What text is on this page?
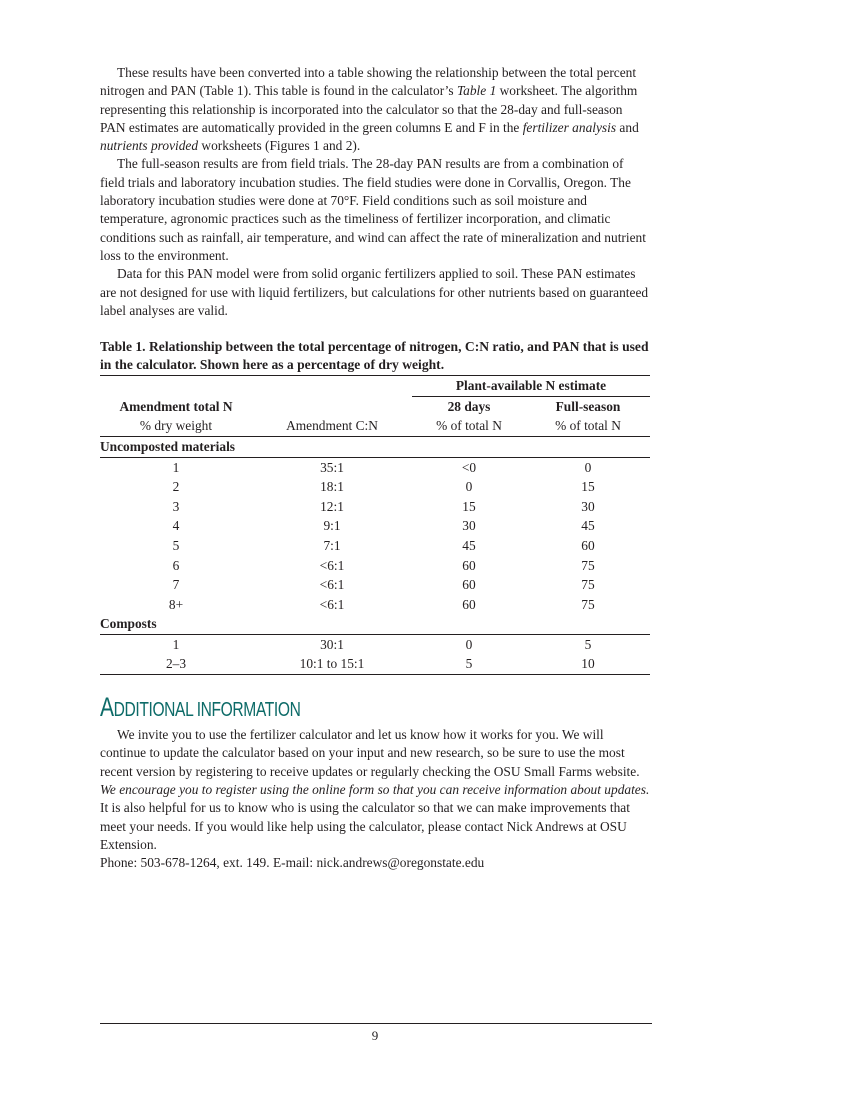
These results have been converted into a table showing the relationship between the total percent nitrogen and PAN (Table 1). This table is found in the calculator’s Table 1 worksheet. The algorithm representing this relationship is incorporated into the calculator so that the 28-day and full-season PAN estimates are automatically provided in the green columns E and F in the fertilizer analysis and nutrients provided worksheets (Figures 1 and 2).

The full-season results are from field trials. The 28-day PAN results are from a combination of field trials and laboratory incubation studies. The field studies were done in Corvallis, Oregon. The laboratory incubation studies were done at 70°F. Field conditions such as soil moisture and temperature, agronomic practices such as the timeliness of fertilizer incorporation, and climatic conditions such as rainfall, air temperature, and wind can affect the rate of mineralization and nutrient loss to the environment.

Data for this PAN model were from solid organic fertilizers applied to soil. These PAN estimates are not designed for use with liquid fertilizers, but calculations for other nutrients based on guaranteed label analyses are valid.

Table 1. Relationship between the total percentage of nitrogen, C:N ratio, and PAN that is used in the calculator. Shown here as a percentage of dry weight.
		Plant-available N estimate	
Amendment total N		28 days	Full-season
% dry weight	Amendment C:N	% of total N	% of total N
Uncomposted materials			
1	35:1	<0	0
2	18:1	0	15
3	12:1	15	30
4	9:1	30	45
5	7:1	45	60
6	<6:1	60	75
7	<6:1	60	75
8+	<6:1	60	75
Composts			
1	30:1	0	5
2–3	10:1 to 15:1	5	10
ADDITIONAL INFORMATION

We invite you to use the fertilizer calculator and let us know how it works for you. We will continue to update the calculator based on your input and new research, so be sure to use the most recent version by registering to receive updates or regularly checking the OSU Small Farms website. We encourage you to register using the online form so that you can receive information about updates. It is also helpful for us to know who is using the calculator so that we can make improvements that meet your needs. If you would like help using the calculator, please contact Nick Andrews at OSU Extension.

Phone: 503-678-1264, ext. 149. E-mail: nick.andrews@oregonstate.edu

9
